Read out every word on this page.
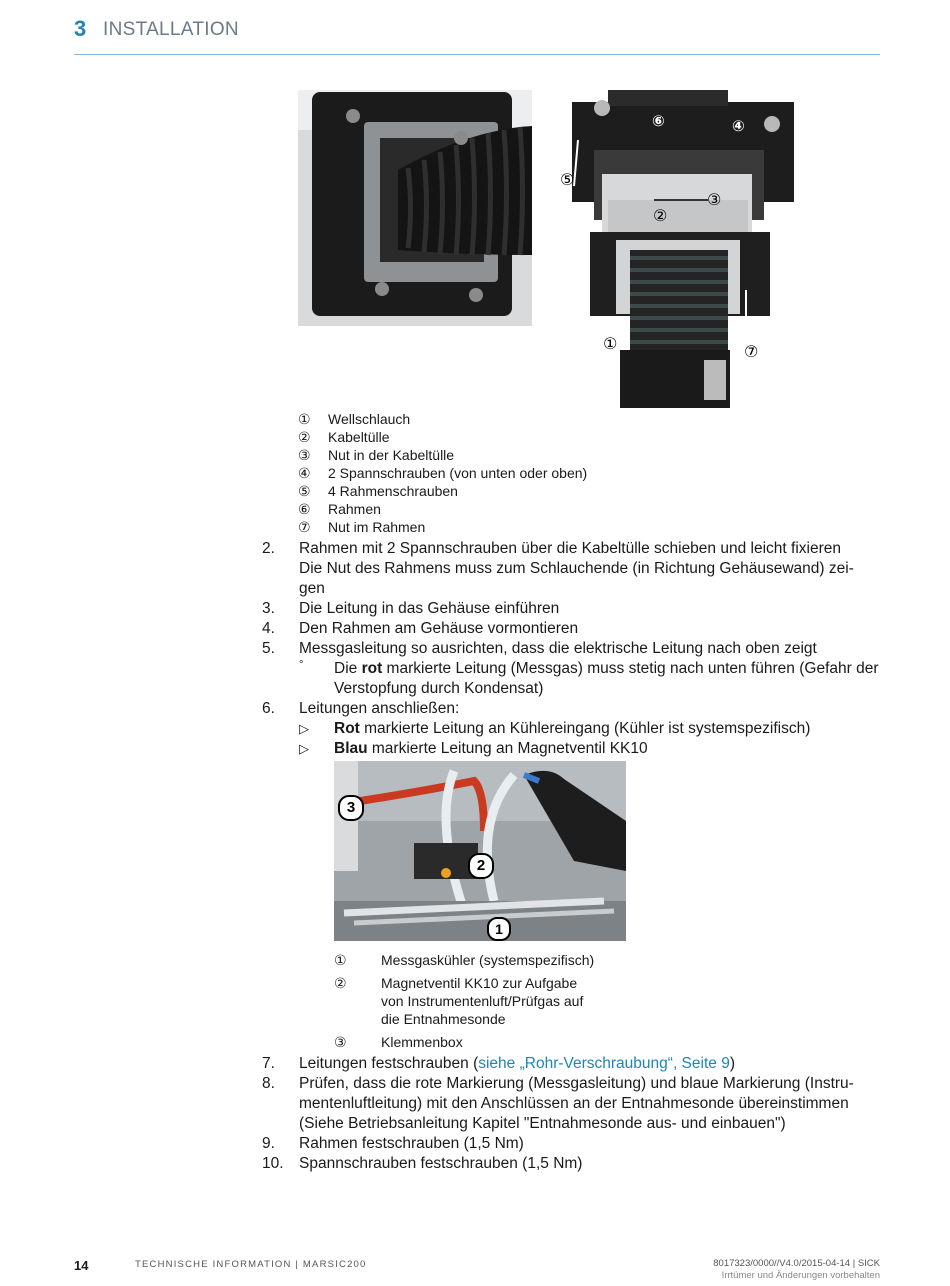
3 INSTALLATION
⑥	④
⑤
③
②
①	⑦
① Wellschlauch
② Kabeltülle
③ Nut in der Kabeltülle
④ 2 Spannschrauben (von unten oder oben)
⑤ 4 Rahmenschrauben
⑥ Rahmen
⑦ Nut im Rahmen
2. Rahmen mit 2 Spannschrauben über die Kabeltülle schieben und leicht fixieren
Die Nut des Rahmens muss zum Schlauchende (in Richtung Gehäusewand) zei-
gen
3. Die Leitung in das Gehäuse einführen
4. Den Rahmen am Gehäuse vormontieren
5. Messgasleitung so ausrichten, dass die elektrische Leitung nach oben zeigt
° Die rot markierte Leitung (Messgas) muss stetig nach unten führen (Gefahr der Verstopfung durch Kondensat)
6. Leitungen anschließen:
▷ Rot markierte Leitung an Kühlereingang (Kühler ist systemspezifisch)
▷ Blau markierte Leitung an Magnetventil KK10
3
2
1
① Messgaskühler (systemspezifisch)
② Magnetventil KK10 zur Aufgabe von Instrumentenluft/Prüfgas auf die Entnahmesonde
③ Klemmenbox
7. Leitungen festschrauben (siehe „Rohr-Verschraubung“, Seite 9)
8. Prüfen, dass die rote Markierung (Messgasleitung) und blaue Markierung (Instru-mentenluftleitung) mit den Anschlüssen an der Entnahmesonde übereinstimmen (Siehe Betriebsanleitung Kapitel "Entnahmesonde aus- und einbauen")
9. Rahmen festschrauben (1,5 Nm)
10. Spannschrauben festschrauben (1,5 Nm)
14	TECHNISCHE INFORMATION | MARSIC200	8017323/0000//V4.0/2015-04-14 | SICK
Irrtümer und Änderungen vorbehalten
